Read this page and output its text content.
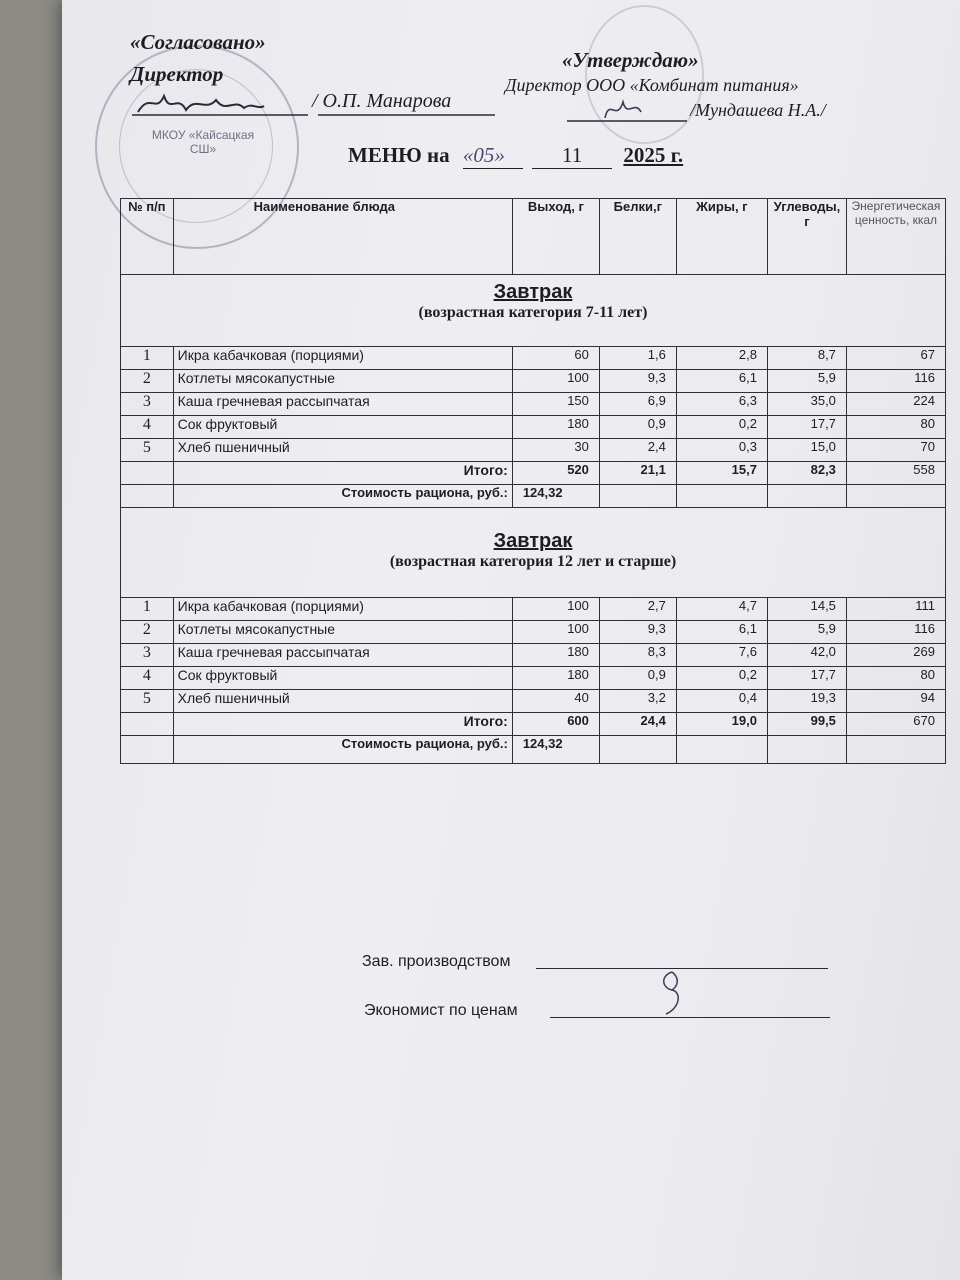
МКОУ «Кайсацкая СШ»
«Согласовано»
Директор
/ О.П. Манарова
«Утверждаю»
Директор ООО «Комбинат питания»
/Мундашева Н.А./
МЕНЮ на «05»	11 2025 г.
№ п/п	Наименование блюда	Выход, г	Белки,г	Жиры, г	Углеводы, г	Энергетическая ценность, ккал

Завтрак
(возрастная категория 7-11 лет)						

1	Икра кабачковая (порциями)	60	1,6	2,8	8,7	67
2	Котлеты мясокапустные	100	9,3	6,1	5,9	116
3	Каша гречневая рассыпчатая	150	6,9	6,3	35,0	224
4	Сок фруктовый	180	0,9	0,2	17,7	80
5	Хлеб пшеничный	30	2,4	0,3	15,0	70
	Итого:	520	21,1	15,7	82,3	558
	Стоимость рациона, руб.:	124,32				

Завтрак
(возрастная категория 12 лет и старше)						

1	Икра кабачковая (порциями)	100	2,7	4,7	14,5	111
2	Котлеты мясокапустные	100	9,3	6,1	5,9	116
3	Каша гречневая рассыпчатая	180	8,3	7,6	42,0	269
4	Сок фруктовый	180	0,9	0,2	17,7	80
5	Хлеб пшеничный	40	3,2	0,4	19,3	94
	Итого:	600	24,4	19,0	99,5	670
	Стоимость рациона, руб.:	124,32				
Зав. производством
Экономист по ценам
